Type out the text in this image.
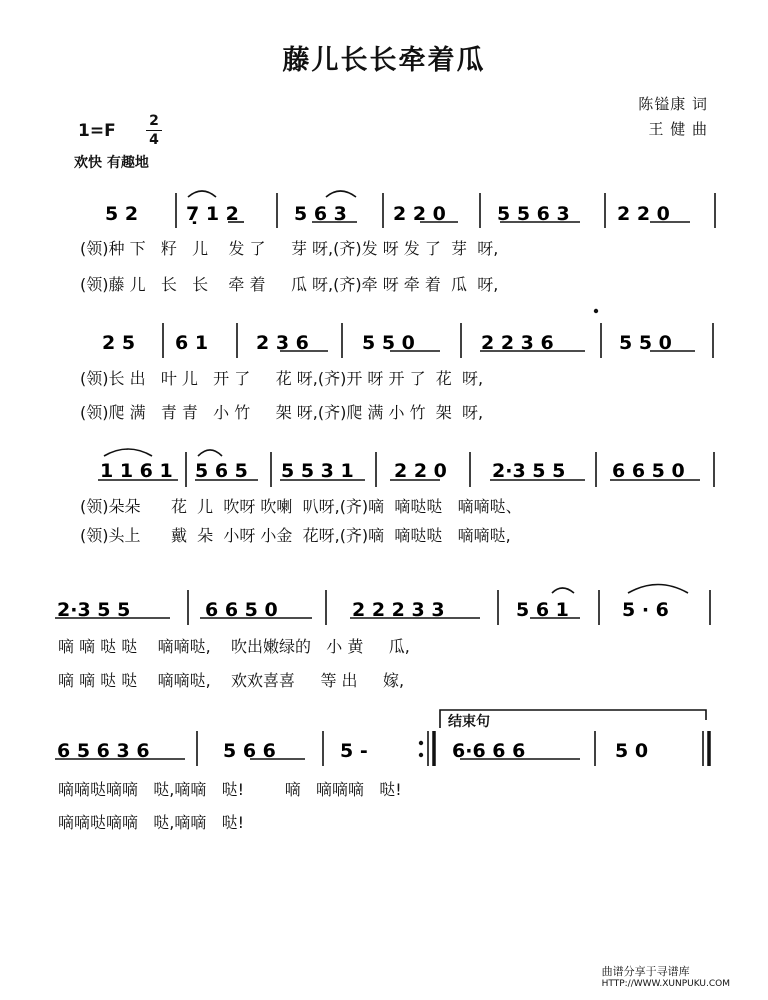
藤儿长长牵着瓜
陈镒康 词
王 健 曲
1=F 2
4
欢快 有趣地
5 2	7̣ 1 2	5 6 3 2 2 0	5 5 6 3 2 2 0
2 5 6 1	2 3 6	5 5 0	2 2 3 6	5 5 0
1 1 6 1 5 6 5 5 5 3 1 2 2 0 2·3 5 5 6 6 5 0
2·3 5 5	6 6 5 0	2 2 2 3 3	5 6 1	5 · 6
6 5 6 3 6	5 6 6	5 -	6·6 6 6	5 0
(领)种 下   籽   儿    发 了     芽 呀,(齐)发 呀 发 了  芽  呀,
(领)藤 儿   长   长    牵 着     瓜 呀,(齐)牵 呀 牵 着  瓜  呀,
(领)长 出   叶 儿   开 了     花 呀,(齐)开 呀 开 了  花  呀,
(领)爬 满   青 青   小 竹     架 呀,(齐)爬 满 小 竹  架  呀,
(领)朵朵      花  儿  吹呀 吹喇  叭呀,(齐)嘀  嘀哒哒   嘀嘀哒、
(领)头上      戴  朵  小呀 小金  花呀,(齐)嘀  嘀哒哒   嘀嘀哒,
嘀 嘀 哒 哒    嘀嘀哒,    吹出嫩绿的   小 黄     瓜,
嘀 嘀 哒 哒    嘀嘀哒,    欢欢喜喜     等 出     嫁,
结束句
嘀嘀哒嘀嘀   哒,嘀嘀   哒!        嘀   嘀嘀嘀   哒!
嘀嘀哒嘀嘀   哒,嘀嘀   哒!
曲谱分享于寻谱库
HTTP://WWW.XUNPUKU.COM
